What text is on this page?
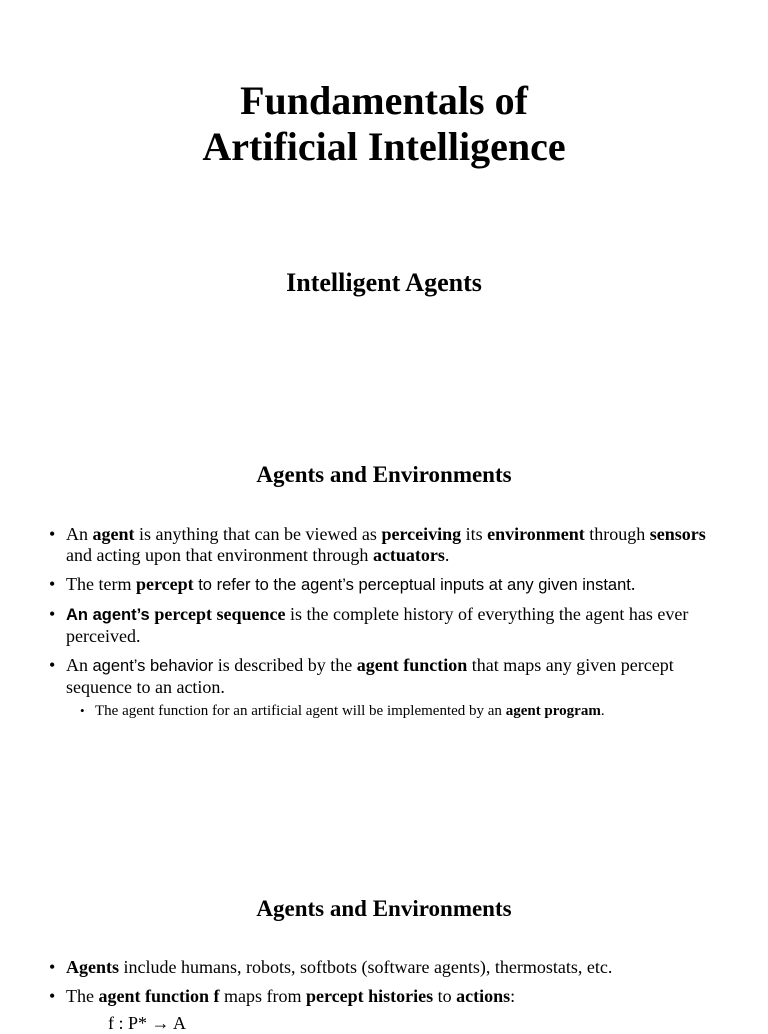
Fundamentals of
Artificial Intelligence
Intelligent Agents
Agents and Environments
• An agent is anything that can be viewed as perceiving its environment through sensors and acting upon that environment through actuators.
• The term percept to refer to the agent’s perceptual inputs at any given instant.
• An agent’s percept sequence is the complete history of everything the agent has ever perceived.
• An agent’s behavior is described by the agent function that maps any given percept sequence to an action.
• The agent function for an artificial agent will be implemented by an agent program.
Agents and Environments
• Agents include humans, robots, softbots (software agents), thermostats, etc.
• The agent function f maps from percept histories to actions:
f : P* → A
